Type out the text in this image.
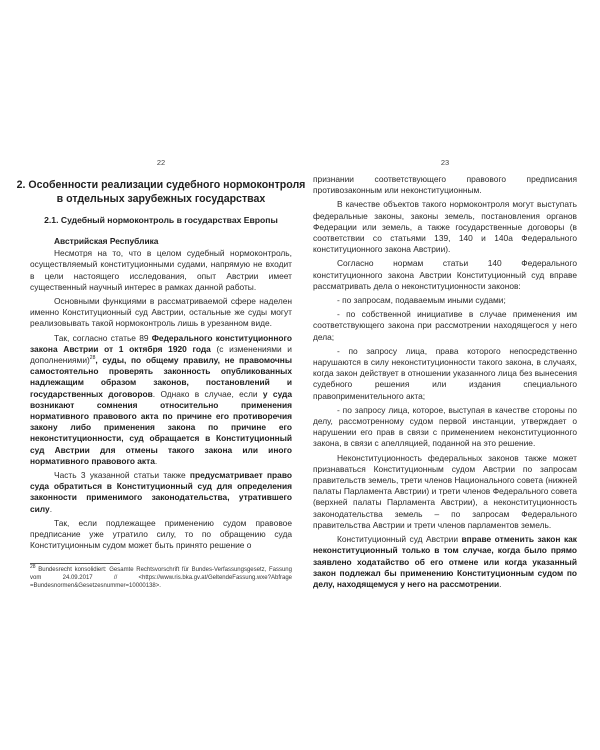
22
2. Особенности реализации судебного нормоконтроля в отдельных зарубежных государствах
2.1. Судебный нормоконтроль в государствах Европы

Австрийская Республика

Несмотря на то, что в целом судебный нормоконтроль, осуществляемый конституционными судами, напрямую не входит в цели настоящего исследования, опыт Австрии имеет существенный научный интерес в рамках данной работы.

Основными функциями в рассматриваемой сфере наделен именно Конституционный суд Австрии, остальные же суды могут реализовывать такой нормоконтроль лишь в урезанном виде.

Так, согласно статье 89 Федерального конституционного закона Австрии от 1 октября 1920 года (с изменениями и дополнениями)$^{28}$, суды, по общему правилу, не правомочны самостоятельно проверять законность опубликованных надлежащим образом законов, постановлений и государственных договоров. Однако в случае, если у суда возникают сомнения относительно применения нормативного правового акта по причине его противоречия закону либо применения закона по причине его неконституционности, суд обращается в Конституционный суд Австрии для отмены такого закона или иного нормативного правового акта.

Часть 3 указанной статьи также предусматривает право суда обратиться в Конституционный суд для определения законности применимого законодательства, утратившего силу.

Так, если подлежащее применению судом правовое предписание уже утратило силу, то по обращению суда Конституционным судом может быть принято решение о

$^{28}$ Bundesrecht konsolidiert: Gesamte Rechtsvorschrift für Bundes-Verfassungsgesetz, Fassung vom 24.09.2017 // <https://www.ris.bka.gv.at/GeltendeFassung.wxe?Abfrage =Bundesnormen&Gesetzesnummer=10000138>.
23

признании соответствующего правового предписания противозаконным или неконституционным.

В качестве объектов такого нормоконтроля могут выступать федеральные законы, законы земель, постановления органов Федерации или земель, а также государственные договоры (в соответствии со статьями 139, 140 и 140а Федерального конституционного закона Австрии).

Согласно нормам статьи 140 Федерального конституционного закона Австрии Конституционный суд вправе рассматривать дела о неконституционности законов:

- по запросам, подаваемым иными судами;

- по собственной инициативе в случае применения им соответствующего закона при рассмотрении находящегося у него дела;

- по запросу лица, права которого непосредственно нарушаются в силу неконституционности такого закона, в случаях, когда закон действует в отношении указанного лица без вынесения судебного решения или издания специального правоприменительного акта;

- по запросу лица, которое, выступая в качестве стороны по делу, рассмотренному судом первой инстанции, утверждает о нарушении его прав в связи с применением неконституционного закона, в связи с апелляцией, поданной на это решение.

Неконституционность федеральных законов также может признаваться Конституционным судом Австрии по запросам правительств земель, трети членов Национального совета (нижней палаты Парламента Австрии) и трети членов Федерального совета (верхней палаты Парламента Австрии), а неконституционность законодательства земель – по запросам Федерального правительства Австрии и трети членов парламентов земель.

Конституционный суд Австрии вправе отменить закон как неконституционный только в том случае, когда было прямо заявлено ходатайство об его отмене или когда указанный закон подлежал бы применению Конституционным судом по делу, находящемуся у него на рассмотрении.
